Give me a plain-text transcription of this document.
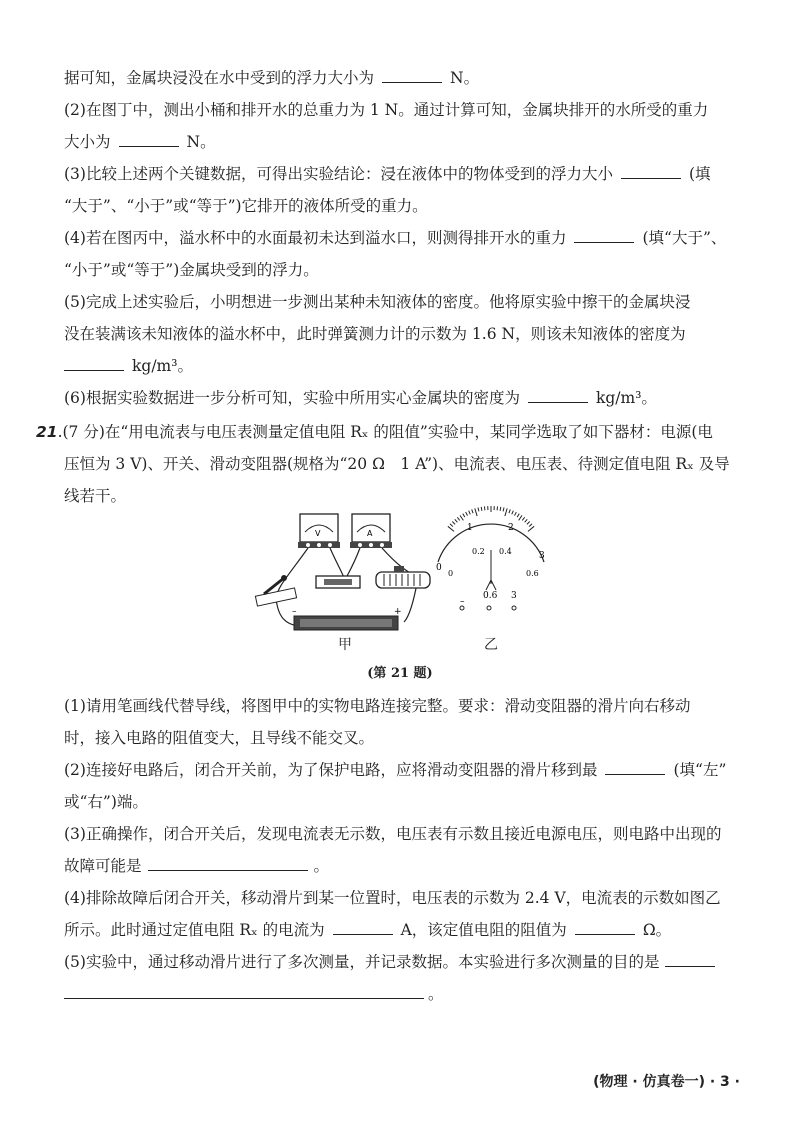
据可知，金属块浸没在水中受到的浮力大小为	N。
(2)在图丁中，测出小桶和排开水的总重力为 1 N。通过计算可知，金属块排开的水所受的重力
大小为	N。
(3)比较上述两个关键数据，可得出实验结论：浸在液体中的物体受到的浮力大小	(填
“大于”、“小于”或“等于”)它排开的液体所受的重力。
(4)若在图丙中，溢水杯中的水面最初未达到溢水口，则测得排开水的重力	(填“大于”、
“小于”或“等于”)金属块受到的浮力。
(5)完成上述实验后，小明想进一步测出某种未知液体的密度。他将原实验中擦干的金属块浸
没在装满该未知液体的溢水杯中，此时弹簧测力计的示数为 1.6 N，则该未知液体的密度为
kg/m³。
(6)根据实验数据进一步分析可知，实验中所用实心金属块的密度为	kg/m³。
21.(7 分)在“用电流表与电压表测量定值电阻 Rₓ 的阻值”实验中，某同学选取了如下器材：电源(电
压恒为 3 V)、开关、滑动变阻器(规格为“20 Ω　1 A”)、电流表、电压表、待测定值电阻 Rₓ 及导
线若干。
V	A
–	+
0
1	2
3
0
0.2 0.4
0.6
–
0.6 3
甲	乙
(第 21 题)
(1)请用笔画线代替导线，将图甲中的实物电路连接完整。要求：滑动变阻器的滑片向右移动
时，接入电路的阻值变大，且导线不能交叉。
(2)连接好电路后，闭合开关前，为了保护电路，应将滑动变阻器的滑片移到最	(填“左”
或“右”)端。
(3)正确操作，闭合开关后，发现电流表无示数，电压表有示数且接近电源电压，则电路中出现的
故障可能是	。
(4)排除故障后闭合开关，移动滑片到某一位置时，电压表的示数为 2.4 V，电流表的示数如图乙
所示。此时通过定值电阻 Rₓ 的电流为	A，该定值电阻的阻值为	Ω。
(5)实验中，通过移动滑片进行了多次测量，并记录数据。本实验进行多次测量的目的是
。
(物理 · 仿真卷一) · 3 ·
